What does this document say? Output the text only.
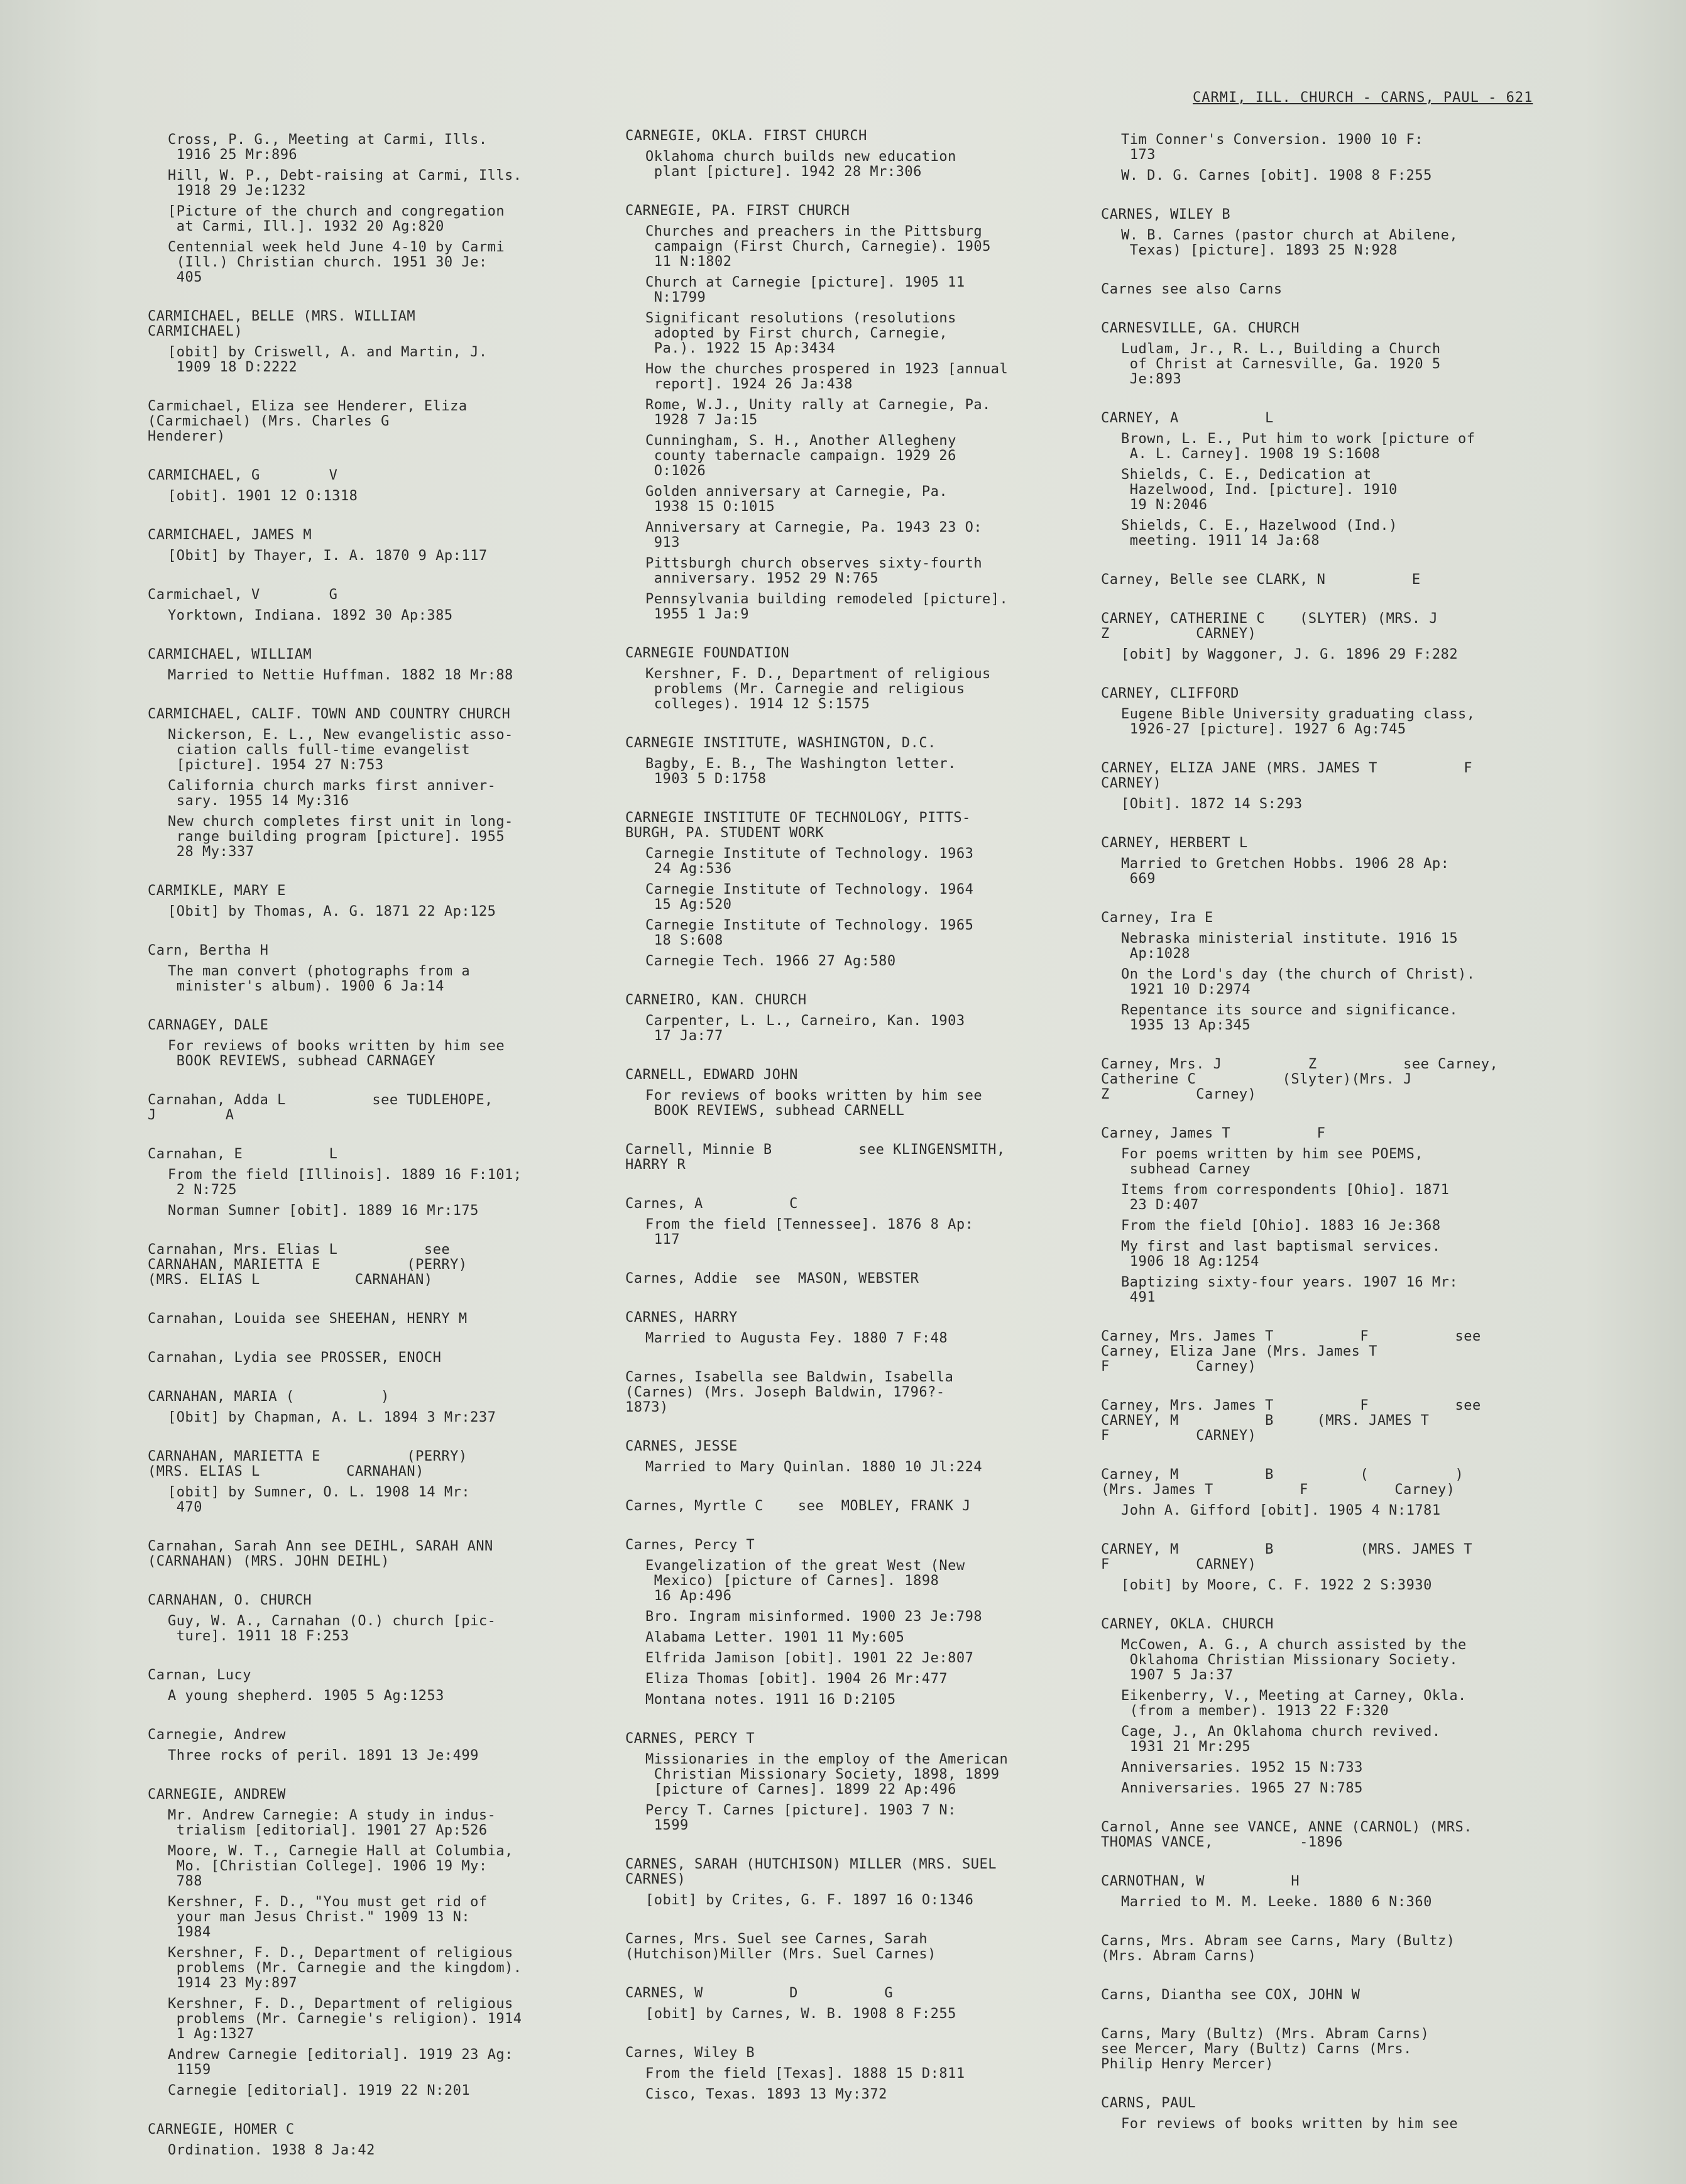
CARMI, ILL. CHURCH - CARNS, PAUL - 621
Cross, P. G., Meeting at Carmi, Ills.
1916 25 Mr:896
Hill, W. P., Debt-raising at Carmi, Ills.
1918 29 Je:1232
[Picture of the church and congregation
at Carmi, Ill.]. 1932 20 Ag:820
Centennial week held June 4-10 by Carmi
(Ill.) Christian church. 1951 30 Je:
405
CARMICHAEL, BELLE (MRS. WILLIAM
CARMICHAEL)
[obit] by Criswell, A. and Martin, J.
1909 18 D:2222
Carmichael, Eliza see Henderer, Eliza
(Carmichael) (Mrs. Charles G
Henderer)
CARMICHAEL, G        V
[obit]. 1901 12 O:1318
CARMICHAEL, JAMES M
[Obit] by Thayer, I. A. 1870 9 Ap:117
Carmichael, V        G
Yorktown, Indiana. 1892 30 Ap:385
CARMICHAEL, WILLIAM
Married to Nettie Huffman. 1882 18 Mr:88
CARMICHAEL, CALIF. TOWN AND COUNTRY CHURCH
Nickerson, E. L., New evangelistic asso-
ciation calls full-time evangelist
[picture]. 1954 27 N:753
California church marks first anniver-
sary. 1955 14 My:316
New church completes first unit in long-
range building program [picture]. 1955
28 My:337
CARMIKLE, MARY E
[Obit] by Thomas, A. G. 1871 22 Ap:125
Carn, Bertha H
The man convert (photographs from a
minister's album). 1900 6 Ja:14
CARNAGEY, DALE
For reviews of books written by him see
BOOK REVIEWS, subhead CARNAGEY
Carnahan, Adda L          see TUDLEHOPE,
J        A
Carnahan, E          L
From the field [Illinois]. 1889 16 F:101;
2 N:725
Norman Sumner [obit]. 1889 16 Mr:175
Carnahan, Mrs. Elias L          see
CARNAHAN, MARIETTA E          (PERRY)
(MRS. ELIAS L           CARNAHAN)
Carnahan, Louida see SHEEHAN, HENRY M
Carnahan, Lydia see PROSSER, ENOCH
CARNAHAN, MARIA (          )
[Obit] by Chapman, A. L. 1894 3 Mr:237
CARNAHAN, MARIETTA E          (PERRY)
(MRS. ELIAS L          CARNAHAN)
[obit] by Sumner, O. L. 1908 14 Mr:
470
Carnahan, Sarah Ann see DEIHL, SARAH ANN
(CARNAHAN) (MRS. JOHN DEIHL)
CARNAHAN, O. CHURCH
Guy, W. A., Carnahan (O.) church [pic-
ture]. 1911 18 F:253
Carnan, Lucy
A young shepherd. 1905 5 Ag:1253
Carnegie, Andrew
Three rocks of peril. 1891 13 Je:499
CARNEGIE, ANDREW
Mr. Andrew Carnegie: A study in indus-
trialism [editorial]. 1901 27 Ap:526
Moore, W. T., Carnegie Hall at Columbia,
Mo. [Christian College]. 1906 19 My:
788
Kershner, F. D., "You must get rid of
your man Jesus Christ." 1909 13 N:
1984
Kershner, F. D., Department of religious
problems (Mr. Carnegie and the kingdom).
1914 23 My:897
Kershner, F. D., Department of religious
problems (Mr. Carnegie's religion). 1914
1 Ag:1327
Andrew Carnegie [editorial]. 1919 23 Ag:
1159
Carnegie [editorial]. 1919 22 N:201
CARNEGIE, HOMER C
Ordination. 1938 8 Ja:42
CARNEGIE, OKLA. FIRST CHURCH
Oklahoma church builds new education
plant [picture]. 1942 28 Mr:306
CARNEGIE, PA. FIRST CHURCH
Churches and preachers in the Pittsburg
campaign (First Church, Carnegie). 1905
11 N:1802
Church at Carnegie [picture]. 1905 11
N:1799
Significant resolutions (resolutions
adopted by First church, Carnegie,
Pa.). 1922 15 Ap:3434
How the churches prospered in 1923 [annual
report]. 1924 26 Ja:438
Rome, W.J., Unity rally at Carnegie, Pa.
1928 7 Ja:15
Cunningham, S. H., Another Allegheny
county tabernacle campaign. 1929 26
O:1026
Golden anniversary at Carnegie, Pa.
1938 15 O:1015
Anniversary at Carnegie, Pa. 1943 23 O:
913
Pittsburgh church observes sixty-fourth
anniversary. 1952 29 N:765
Pennsylvania building remodeled [picture].
1955 1 Ja:9
CARNEGIE FOUNDATION
Kershner, F. D., Department of religious
problems (Mr. Carnegie and religious
colleges). 1914 12 S:1575
CARNEGIE INSTITUTE, WASHINGTON, D.C.
Bagby, E. B., The Washington letter.
1903 5 D:1758
CARNEGIE INSTITUTE OF TECHNOLOGY, PITTS-
BURGH, PA. STUDENT WORK
Carnegie Institute of Technology. 1963
24 Ag:536
Carnegie Institute of Technology. 1964
15 Ag:520
Carnegie Institute of Technology. 1965
18 S:608
Carnegie Tech. 1966 27 Ag:580
CARNEIRO, KAN. CHURCH
Carpenter, L. L., Carneiro, Kan. 1903
17 Ja:77
CARNELL, EDWARD JOHN
For reviews of books written by him see
BOOK REVIEWS, subhead CARNELL
Carnell, Minnie B          see KLINGENSMITH,
HARRY R
Carnes, A          C
From the field [Tennessee]. 1876 8 Ap:
117
Carnes, Addie  see  MASON, WEBSTER
CARNES, HARRY
Married to Augusta Fey. 1880 7 F:48
Carnes, Isabella see Baldwin, Isabella
(Carnes) (Mrs. Joseph Baldwin, 1796?-
1873)
CARNES, JESSE
Married to Mary Quinlan. 1880 10 Jl:224
Carnes, Myrtle C    see  MOBLEY, FRANK J
Carnes, Percy T
Evangelization of the great West (New
Mexico) [picture of Carnes]. 1898
16 Ap:496
Bro. Ingram misinformed. 1900 23 Je:798
Alabama Letter. 1901 11 My:605
Elfrida Jamison [obit]. 1901 22 Je:807
Eliza Thomas [obit]. 1904 26 Mr:477
Montana notes. 1911 16 D:2105
CARNES, PERCY T
Missionaries in the employ of the American
Christian Missionary Society, 1898, 1899
[picture of Carnes]. 1899 22 Ap:496
Percy T. Carnes [picture]. 1903 7 N:
1599
CARNES, SARAH (HUTCHISON) MILLER (MRS. SUEL
CARNES)
[obit] by Crites, G. F. 1897 16 O:1346
Carnes, Mrs. Suel see Carnes, Sarah
(Hutchison)Miller (Mrs. Suel Carnes)
CARNES, W          D          G
[obit] by Carnes, W. B. 1908 8 F:255
Carnes, Wiley B
From the field [Texas]. 1888 15 D:811
Cisco, Texas. 1893 13 My:372
Tim Conner's Conversion. 1900 10 F:
173
W. D. G. Carnes [obit]. 1908 8 F:255
CARNES, WILEY B
W. B. Carnes (pastor church at Abilene,
Texas) [picture]. 1893 25 N:928
Carnes see also Carns
CARNESVILLE, GA. CHURCH
Ludlam, Jr., R. L., Building a Church
of Christ at Carnesville, Ga. 1920 5
Je:893
CARNEY, A          L
Brown, L. E., Put him to work [picture of
A. L. Carney]. 1908 19 S:1608
Shields, C. E., Dedication at
Hazelwood, Ind. [picture]. 1910
19 N:2046
Shields, C. E., Hazelwood (Ind.)
meeting. 1911 14 Ja:68
Carney, Belle see CLARK, N          E
CARNEY, CATHERINE C    (SLYTER) (MRS. J
Z          CARNEY)
[obit] by Waggoner, J. G. 1896 29 F:282
CARNEY, CLIFFORD
Eugene Bible University graduating class,
1926-27 [picture]. 1927 6 Ag:745
CARNEY, ELIZA JANE (MRS. JAMES T          F
CARNEY)
[Obit]. 1872 14 S:293
CARNEY, HERBERT L
Married to Gretchen Hobbs. 1906 28 Ap:
669
Carney, Ira E
Nebraska ministerial institute. 1916 15
Ap:1028
On the Lord's day (the church of Christ).
1921 10 D:2974
Repentance its source and significance.
1935 13 Ap:345
Carney, Mrs. J          Z          see Carney,
Catherine C          (Slyter)(Mrs. J
Z          Carney)
Carney, James T          F
For poems written by him see POEMS,
subhead Carney
Items from correspondents [Ohio]. 1871
23 D:407
From the field [Ohio]. 1883 16 Je:368
My first and last baptismal services.
1906 18 Ag:1254
Baptizing sixty-four years. 1907 16 Mr:
491
Carney, Mrs. James T          F          see
Carney, Eliza Jane (Mrs. James T
F          Carney)
Carney, Mrs. James T          F          see
CARNEY, M          B     (MRS. JAMES T
F          CARNEY)
Carney, M          B          (          )
(Mrs. James T          F          Carney)
John A. Gifford [obit]. 1905 4 N:1781
CARNEY, M          B          (MRS. JAMES T
F          CARNEY)
[obit] by Moore, C. F. 1922 2 S:3930
CARNEY, OKLA. CHURCH
McCowen, A. G., A church assisted by the
Oklahoma Christian Missionary Society.
1907 5 Ja:37
Eikenberry, V., Meeting at Carney, Okla.
(from a member). 1913 22 F:320
Cage, J., An Oklahoma church revived.
1931 21 Mr:295
Anniversaries. 1952 15 N:733
Anniversaries. 1965 27 N:785
Carnol, Anne see VANCE, ANNE (CARNOL) (MRS.
THOMAS VANCE,          -1896
CARNOTHAN, W          H
Married to M. M. Leeke. 1880 6 N:360
Carns, Mrs. Abram see Carns, Mary (Bultz)
(Mrs. Abram Carns)
Carns, Diantha see COX, JOHN W
Carns, Mary (Bultz) (Mrs. Abram Carns)
see Mercer, Mary (Bultz) Carns (Mrs.
Philip Henry Mercer)
CARNS, PAUL
For reviews of books written by him see
